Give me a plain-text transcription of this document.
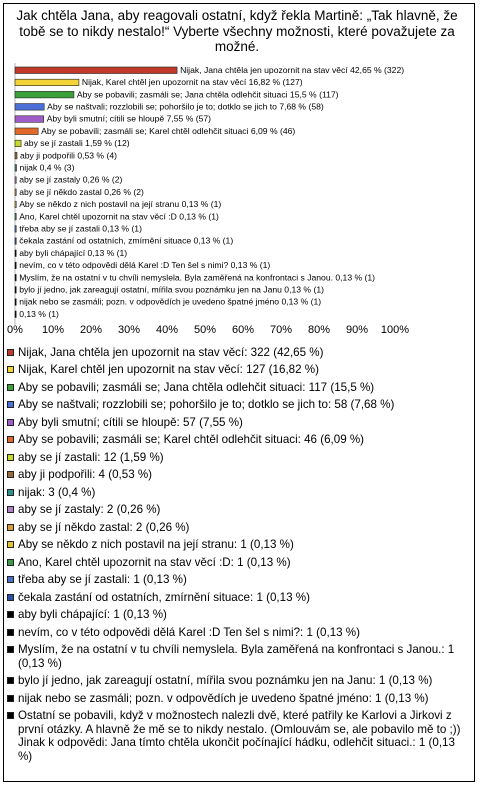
Jak chtěla Jana, aby reagovali ostatní, když řekla Martině: „Tak hlavně, že tobě se to nikdy nestalo!“ Vyberte všechny možnosti, které považujete za možné.
Nijak, Jana chtěla jen upozornit na stav věcí 42,65 % (322)
Nijak, Karel chtěl jen upozornit na stav věcí 16,82 % (127)
Aby se pobavili; zasmáli se; Jana chtěla odlehčit situaci 15,5 % (117)
Aby se naštvali; rozzlobili se; pohoršilo je to; dotklo se jich to 7,68 % (58)
Aby byli smutní; cítili se hloupě 7,55 % (57)
Aby se pobavili; zasmáli se; Karel chtěl odlehčit situaci 6,09 % (46)
aby se jí zastali 1,59 % (12)
aby ji podpořili 0,53 % (4)
nijak 0,4 % (3)
aby se jí zastaly 0,26 % (2)
aby se jí někdo zastal 0,26 % (2)
Aby se někdo z nich postavil na její stranu 0,13 % (1)
Ano, Karel chtěl upozornit na stav věcí :D 0,13 % (1)
třeba aby se jí zastali 0,13 % (1)
čekala zastání od ostatních, zmírnění situace 0,13 % (1)
aby byli chápající 0,13 % (1)
nevím, co v této odpovědi dělá Karel :D Ten šel s nimi? 0,13 % (1)
Myslím, že na ostatní v tu chvíli nemyslela. Byla zaměřená na konfrontaci s Janou. 0,13 % (1)
bylo jí jedno, jak zareagují ostatní, mířila svou poznámku jen na Janu 0,13 % (1)
nijak nebo se zasmáli; pozn. v odpovědích je uvedeno špatné jméno 0,13 % (1)
0,13 % (1)
0% 10% 20% 30% 40% 50% 60% 70% 80% 90% 100%
Nijak, Jana chtěla jen upozornit na stav věcí: 322 (42,65 %)
Nijak, Karel chtěl jen upozornit na stav věcí: 127 (16,82 %)
Aby se pobavili; zasmáli se; Jana chtěla odlehčit situaci: 117 (15,5 %)
Aby se naštvali; rozzlobili se; pohoršilo je to; dotklo se jich to: 58 (7,68 %)
Aby byli smutní; cítili se hloupě: 57 (7,55 %)
Aby se pobavili; zasmáli se; Karel chtěl odlehčit situaci: 46 (6,09 %)
aby se jí zastali: 12 (1,59 %)
aby ji podpořili: 4 (0,53 %)
nijak: 3 (0,4 %)
aby se jí zastaly: 2 (0,26 %)
aby se jí někdo zastal: 2 (0,26 %)
Aby se někdo z nich postavil na její stranu: 1 (0,13 %)
Ano, Karel chtěl upozornit na stav věcí :D: 1 (0,13 %)
třeba aby se jí zastali: 1 (0,13 %)
čekala zastání od ostatních, zmírnění situace: 1 (0,13 %)
aby byli chápající: 1 (0,13 %)
nevím, co v této odpovědi dělá Karel :D Ten šel s nimi?: 1 (0,13 %)
Myslím, že na ostatní v tu chvíli nemyslela. Byla zaměřená na konfrontaci s Janou.: 1 (0,13 %)
bylo jí jedno, jak zareagují ostatní, mířila svou poznámku jen na Janu: 1 (0,13 %)
nijak nebo se zasmáli; pozn. v odpovědích je uvedeno špatné jméno: 1 (0,13 %)
Ostatní se pobavili, když v možnostech nalezli dvě, které patřily ke Karlovi a Jirkovi z první otázky. A hlavně že mě se to nikdy nestalo. (Omlouvám se, ale pobavilo mě to ;)) Jinak k odpovědi: Jana tímto chtěla ukončit počínající hádku, odlehčit situaci.: 1 (0,13 %)
